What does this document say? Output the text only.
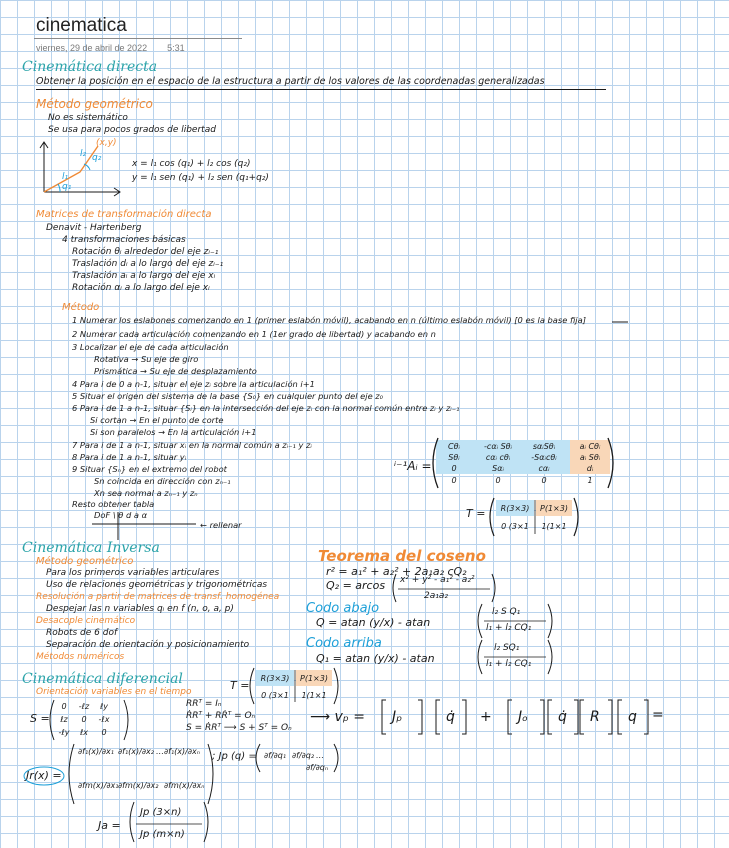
cinematica
viernes, 29 de abril de 2022 5:31
Cinemática directa
Obtener la posición en el espacio de la estructura a partir de los valores de las coordenadas generalizadas
Método geométrico
No es sistemático
Se usa para pocos grados de libertad
(x,y)
l₁
l₂
q₁
q₂
x = l₁ cos (q₁) + l₂ cos (q₂)
y = l₁ sen (q₁) + l₂ sen (q₁+q₂)
Matrices de transformación directa
Denavit - Hartenberg
4 transformaciones básicas
Rotación θᵢ alrededor del eje zᵢ₋₁
Traslación dᵢ a lo largo del eje zᵢ₋₁
Traslación aᵢ a lo largo del eje xᵢ
Rotación αᵢ a lo largo del eje xᵢ
Método
1 Numerar los eslabones comenzando en 1 (primer eslabón móvil), acabando en n (último eslabón móvil) [0 es la base fija]
2 Numerar cada articulación comenzando en 1 (1er grado de libertad) y acabando en n
3 Localizar el eje de cada articulación
Rotativa → Su eje de giro
Prismática → Su eje de desplazamiento
4 Para i de 0 a n-1, situar el eje zᵢ sobre la articulación i+1
5 Situar el origen del sistema de la base {S₀} en cualquier punto del eje z₀
6 Para i de 1 a n-1, situar {Sᵢ} en la intersección del eje zᵢ con la normal común entre zᵢ y zᵢ₋₁
Si cortan → En el punto de corte
Si son paralelos → En la articulación i+1
7 Para i de 1 a n-1, situar xᵢ en la normal común a zᵢ₋₁ y zᵢ
8 Para i de 1 a n-1, situar yᵢ
9 Situar {Sₙ} en el extremo del robot
Sn coincida en dirección con zₙ₋₁
Xn sea normal a zₙ₋₁ y zₙ
Resto obtener tabla
DoF \ θ d a α
← rellenar
ⁱ⁻¹Aᵢ =
Cθᵢ	-cαᵢ Sθᵢ	sαᵢSθᵢ	aᵢ Cθᵢ
Sθᵢ	cαᵢ cθᵢ	-Sαᵢcθᵢ	aᵢ Sθᵢ
0	Sαᵢ	cαᵢ	dᵢ
0	0	0	1
T =	R(3×3)	P(1×3)
0 (3×1	1(1×1
Cinemática Inversa
Método geométrico
Para los primeros variables articulares
Uso de relaciones geométricas y trigonométricas
Resolución a partir de matrices de transf. homogénea
Despejar las n variables qᵢ en f (n, o, a, p)
Desacople cinemático
Robots de 6 dof
Separación de orientación y posicionamiento
Métodos numéricos
Teorema del coseno
r² = a₁² + a₂² + 2a₁a₂ cQ₂
Q₂ = arcos x² + y² - a₁² - a₂²
2a₁a₂
Codo abajo
Q = atan (y/x) - atan
l₂ S Q₁
l₁ + l₂ CQ₁
Codo arriba
Q₁ = atan (y/x) - atan
l₂ SQ₁
l₁ + l₂ CQ₁
Cinemática diferencial
Orientación variables en el tiempo	T =
R(3×3)	P(1×3)
0 (3×1	1(1×1
S =
0	-ℓz	ℓy
ℓz	0	-ℓx
-ℓy	ℓx	0
RRᵀ = Iₙ
ṘRᵀ + RṘᵀ = Oₙ
S = ṘRᵀ ⟶ S + Sᵀ = Oₙ
⟶ vₚ = Jₚ	q̇ + Jₒ q̇ R q =
Jr(x) =
∂f₁(x)/∂x₁ ∂f₁(x)/∂x₂ … ∂f₁(x)/∂xₙ
∂fm(x)/∂x₁ ∂fm(x)/∂x₂ ∂fm(x)/∂xₙ
; Jp (q) = ∂f/∂q₁ ∂f/∂q₂ …
∂f/∂qₙ
Ja =
Jp (3×n)
Jp (m×n)
